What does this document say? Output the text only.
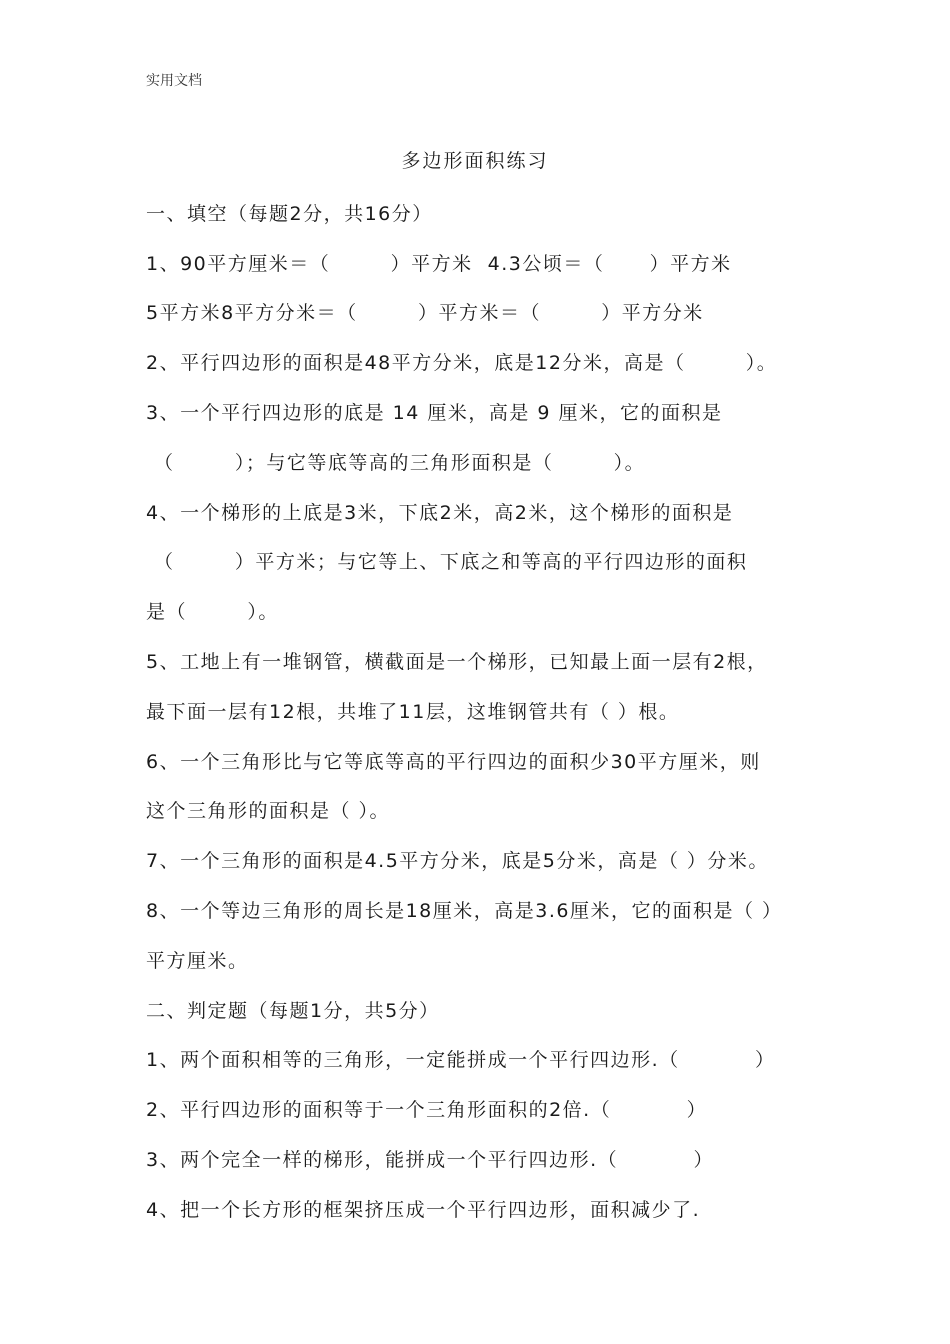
实用文档
多边形面积练习
一、填空（每题2分，共16分）
1、90平方厘米＝（        ）平方米  4.3公顷＝（      ）平方米
5平方米8平方分米＝（        ）平方米＝（        ）平方分米
2、平行四边形的面积是48平方分米，底是12分米，高是（        ）。
3、一个平行四边形的底是 14 厘米，高是 9 厘米，它的面积是
（        ）；与它等底等高的三角形面积是（        ）。
4、一个梯形的上底是3米，下底2米，高2米，这个梯形的面积是
（        ）平方米；与它等上、下底之和等高的平行四边形的面积
是（        ）。
5、工地上有一堆钢管，横截面是一个梯形，已知最上面一层有2根，
最下面一层有12根，共堆了11层，这堆钢管共有（ ）根。
6、一个三角形比与它等底等高的平行四边的面积少30平方厘米，则
这个三角形的面积是（ ）。
7、一个三角形的面积是4.5平方分米，底是5分米，高是（ ）分米。
8、一个等边三角形的周长是18厘米，高是3.6厘米，它的面积是（ ）
平方厘米。
二、判定题（每题1分，共5分）
1、两个面积相等的三角形，一定能拼成一个平行四边形.（          ）
2、平行四边形的面积等于一个三角形面积的2倍.（          ）
3、两个完全一样的梯形，能拼成一个平行四边形.（          ）
4、把一个长方形的框架挤压成一个平行四边形，面积减少了.
